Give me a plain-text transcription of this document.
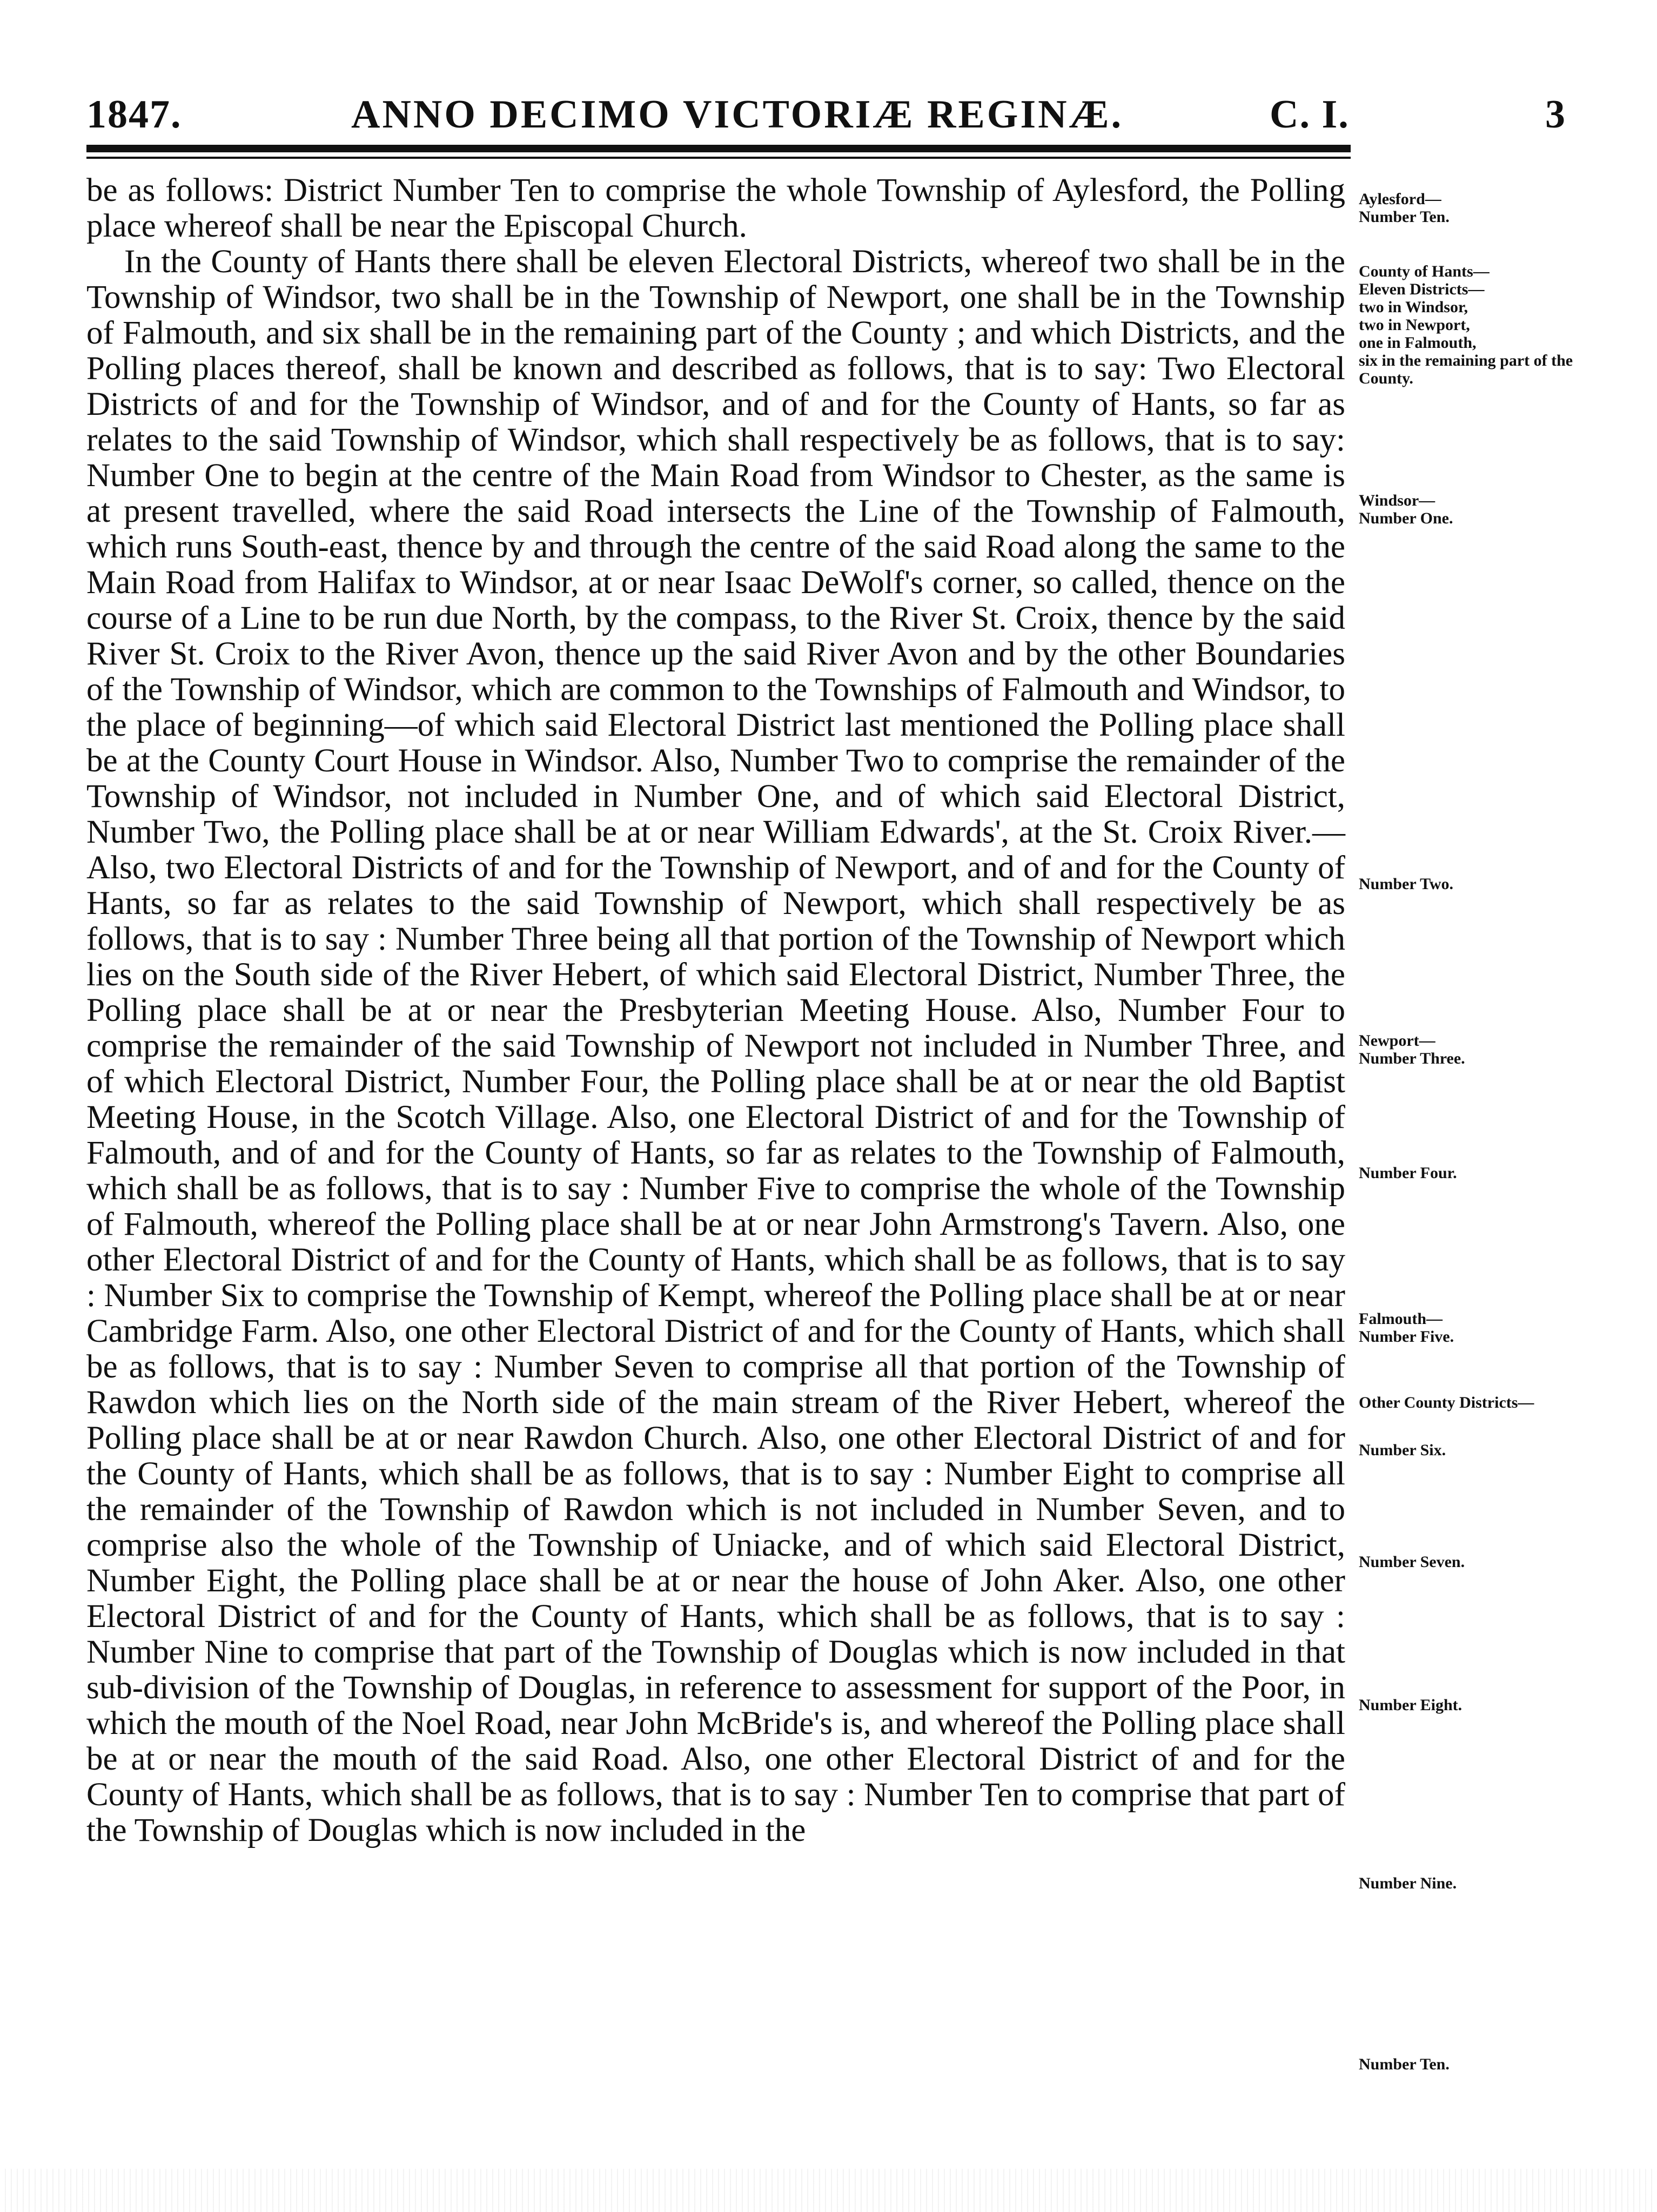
1847.	ANNO DECIMO VICTORIÆ REGINÆ.	C. I.	3

be as follows: District Number Ten to comprise the whole Township of Aylesford, the Polling place whereof shall be near the Episcopal Church.

In the County of Hants there shall be eleven Electoral Districts, whereof two shall be in the Township of Windsor, two shall be in the Township of Newport, one shall be in the Township of Falmouth, and six shall be in the remaining part of the County ; and which Districts, and the Polling places thereof, shall be known and described as follows, that is to say: Two Electoral Districts of and for the Township of Windsor, and of and for the County of Hants, so far as relates to the said Township of Windsor, which shall respectively be as follows, that is to say: Number One to begin at the centre of the Main Road from Windsor to Chester, as the same is at present travelled, where the said Road intersects the Line of the Township of Falmouth, which runs South-east, thence by and through the centre of the said Road along the same to the Main Road from Halifax to Windsor, at or near Isaac DeWolf's corner, so called, thence on the course of a Line to be run due North, by the compass, to the River St. Croix, thence by the said River St. Croix to the River Avon, thence up the said River Avon and by the other Boundaries of the Township of Windsor, which are common to the Townships of Falmouth and Windsor, to the place of beginning—of which said Electoral District last mentioned the Polling place shall be at the County Court House in Windsor. Also, Number Two to comprise the remainder of the Township of Windsor, not included in Number One, and of which said Electoral District, Number Two, the Polling place shall be at or near William Edwards', at the St. Croix River.—Also, two Electoral Districts of and for the Township of Newport, and of and for the County of Hants, so far as relates to the said Township of Newport, which shall respectively be as follows, that is to say : Number Three being all that portion of the Township of Newport which lies on the South side of the River Hebert, of which said Electoral District, Number Three, the Polling place shall be at or near the Presbyterian Meeting House. Also, Number Four to comprise the remainder of the said Township of Newport not included in Number Three, and of which Electoral District, Number Four, the Polling place shall be at or near the old Baptist Meeting House, in the Scotch Village. Also, one Electoral District of and for the Township of Falmouth, and of and for the County of Hants, so far as relates to the Township of Falmouth, which shall be as follows, that is to say : Number Five to comprise the whole of the Township of Falmouth, whereof the Polling place shall be at or near John Armstrong's Tavern. Also, one other Electoral District of and for the County of Hants, which shall be as follows, that is to say : Number Six to comprise the Township of Kempt, whereof the Polling place shall be at or near Cambridge Farm. Also, one other Electoral District of and for the County of Hants, which shall be as follows, that is to say : Number Seven to comprise all that portion of the Township of Rawdon which lies on the North side of the main stream of the River Hebert, whereof the Polling place shall be at or near Rawdon Church. Also, one other Electoral District of and for the County of Hants, which shall be as follows, that is to say : Number Eight to comprise all the remainder of the Township of Rawdon which is not included in Number Seven, and to comprise also the whole of the Township of Uniacke, and of which said Electoral District, Number Eight, the Polling place shall be at or near the house of John Aker. Also, one other Electoral District of and for the County of Hants, which shall be as follows, that is to say : Number Nine to comprise that part of the Township of Douglas which is now included in that sub-division of the Township of Douglas, in reference to assessment for support of the Poor, in which the mouth of the Noel Road, near John McBride's is, and whereof the Polling place shall be at or near the mouth of the said Road. Also, one other Electoral District of and for the County of Hants, which shall be as follows, that is to say : Number Ten to comprise that part of the Township of Douglas which is now included in the

Aylesford—
Number Ten.
County of Hants—
Eleven Districts—
two in Windsor,
two in Newport,
one in Falmouth,
six in the remaining part of the
County.
Windsor—
Number One.
Number Two.
Newport—
Number Three.
Number Four.
Falmouth—
Number Five.
Other County Districts—
Number Six.
Number Seven.
Number Eight.
Number Nine.
Number Ten.
